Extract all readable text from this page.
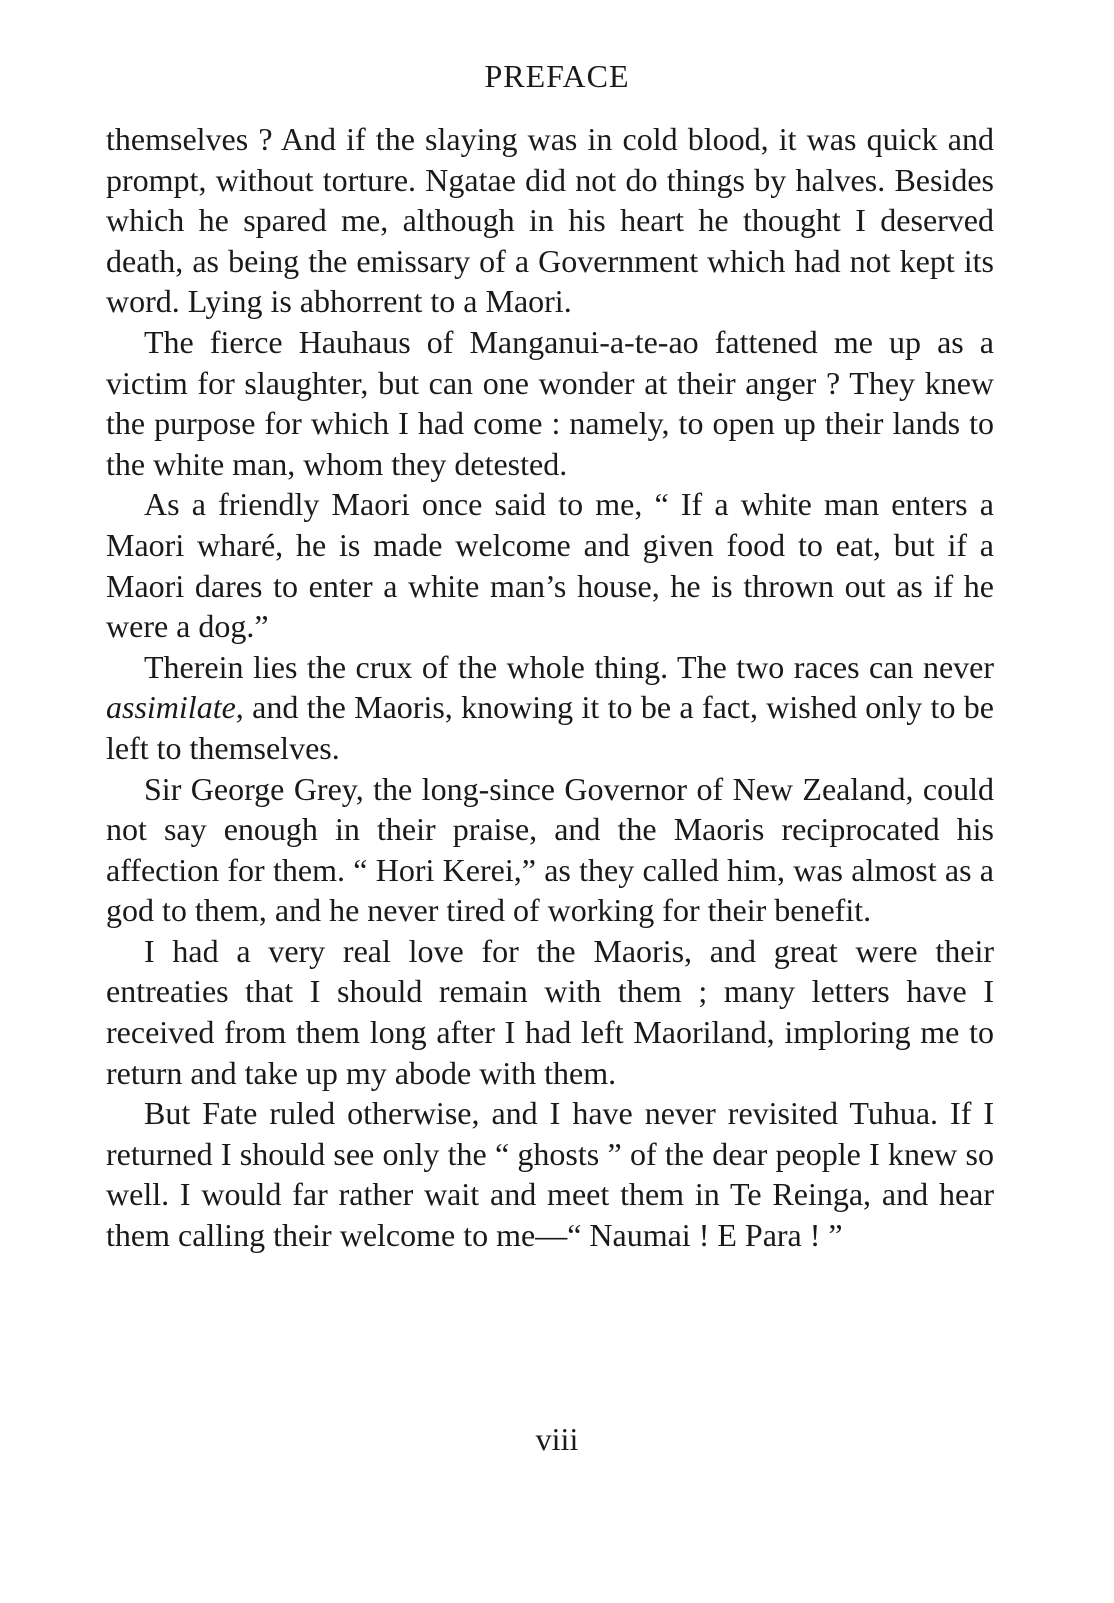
PREFACE

themselves ? And if the slaying was in cold blood, it was quick and prompt, without torture. Ngatae did not do things by halves. Besides which he spared me, although in his heart he thought I deserved death, as being the emissary of a Government which had not kept its word. Lying is abhorrent to a Maori.

The fierce Hauhaus of Manganui-a-te-ao fattened me up as a victim for slaughter, but can one wonder at their anger ? They knew the purpose for which I had come : namely, to open up their lands to the white man, whom they detested.

As a friendly Maori once said to me, “ If a white man enters a Maori wharé, he is made welcome and given food to eat, but if a Maori dares to enter a white man’s house, he is thrown out as if he were a dog.”

Therein lies the crux of the whole thing. The two races can never assimilate, and the Maoris, knowing it to be a fact, wished only to be left to themselves.

Sir George Grey, the long-since Governor of New Zealand, could not say enough in their praise, and the Maoris reciprocated his affection for them. “ Hori Kerei,” as they called him, was almost as a god to them, and he never tired of working for their benefit.

I had a very real love for the Maoris, and great were their entreaties that I should remain with them ; many letters have I received from them long after I had left Maoriland, imploring me to return and take up my abode with them.

But Fate ruled otherwise, and I have never revisited Tuhua. If I returned I should see only the “ ghosts ” of the dear people I knew so well. I would far rather wait and meet them in Te Reinga, and hear them calling their welcome to me—“ Naumai ! E Para ! ”

viii
